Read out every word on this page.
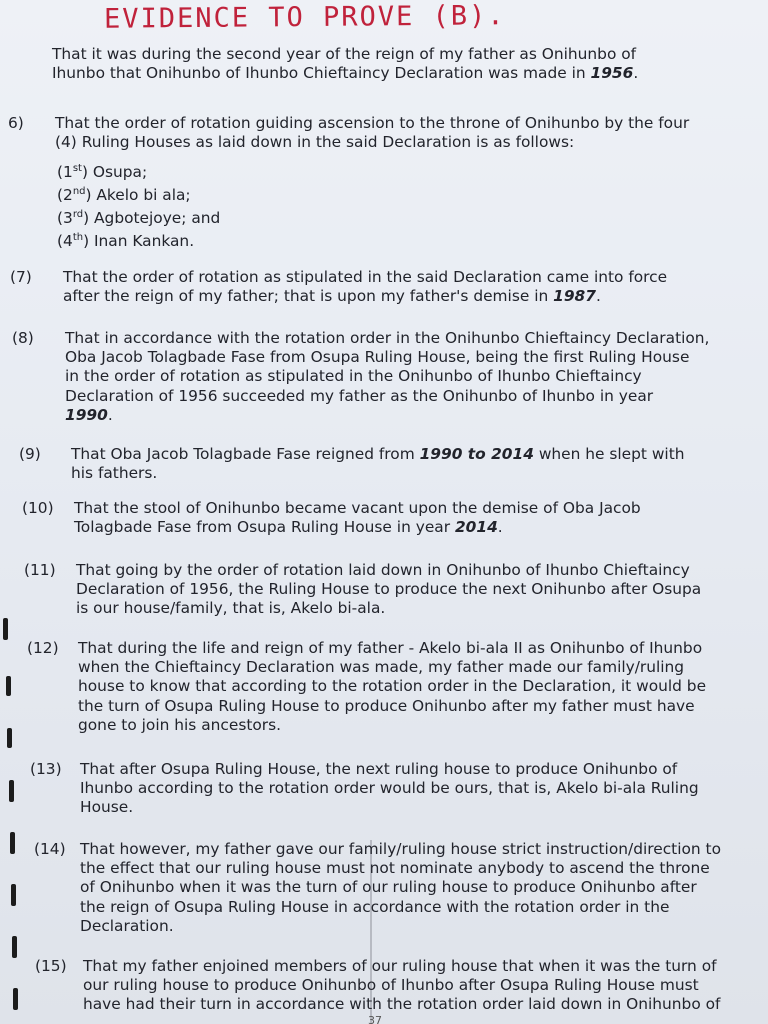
EVIDENCE TO PROVE (B).
That it was during the second year of the reign of my father as Onihunbo of
Ihunbo that Onihunbo of Ihunbo Chieftaincy Declaration was made in 1956.
6) That the order of rotation guiding ascension to the throne of Onihunbo by the four
(4) Ruling Houses as laid down in the said Declaration is as follows:
(1st) Osupa;
(2nd) Akelo bi ala;
(3rd) Agbotejoye; and
(4th) Inan Kankan.
(7) That the order of rotation as stipulated in the said Declaration came into force
after the reign of my father; that is upon my father's demise in 1987.
(8) That in accordance with the rotation order in the Onihunbo Chieftaincy Declaration,
Oba Jacob Tolagbade Fase from Osupa Ruling House, being the first Ruling House
in the order of rotation as stipulated in the Onihunbo of Ihunbo Chieftaincy
Declaration of 1956 succeeded my father as the Onihunbo of Ihunbo in year
1990.
(9) That Oba Jacob Tolagbade Fase reigned from 1990 to 2014 when he slept with
his fathers.
(10) That the stool of Onihunbo became vacant upon the demise of Oba Jacob
Tolagbade Fase from Osupa Ruling House in year 2014.
(11) That going by the order of rotation laid down in Onihunbo of Ihunbo Chieftaincy
Declaration of 1956, the Ruling House to produce the next Onihunbo after Osupa
is our house/family, that is, Akelo bi-ala.
(12) That during the life and reign of my father - Akelo bi-ala II as Onihunbo of Ihunbo
when the Chieftaincy Declaration was made, my father made our family/ruling
house to know that according to the rotation order in the Declaration, it would be
the turn of Osupa Ruling House to produce Onihunbo after my father must have
gone to join his ancestors.
(13) That after Osupa Ruling House, the next ruling house to produce Onihunbo of
Ihunbo according to the rotation order would be ours, that is, Akelo bi-ala Ruling
House.
(14) That however, my father gave our family/ruling house strict instruction/direction to
the effect that our ruling house must not nominate anybody to ascend the throne
of Onihunbo when it was the turn of our ruling house to produce Onihunbo after
the reign of Osupa Ruling House in accordance with the rotation order in the
Declaration.
(15) That my father enjoined members of our ruling house that when it was the turn of
our ruling house to produce Onihunbo of Ihunbo after Osupa Ruling House must
have had their turn in accordance with the rotation order laid down in Onihunbo of
37
